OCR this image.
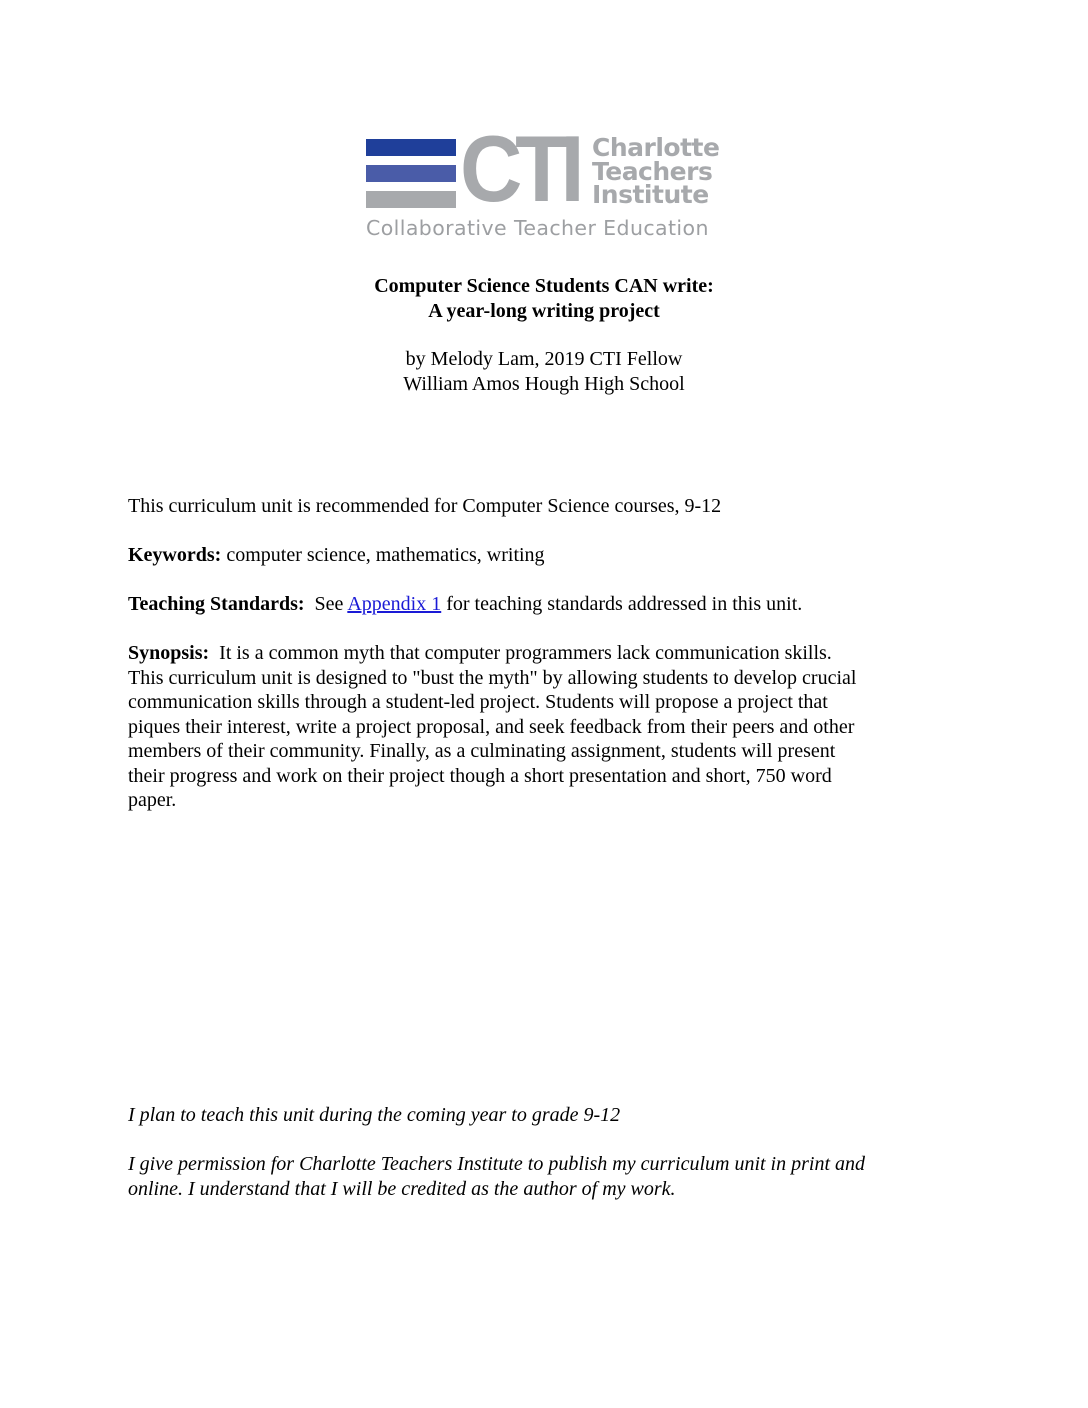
CTI Charlotte
Teachers
Institute
Collaborative Teacher Education
Computer Science Students CAN write:
A year-long writing project
by Melody Lam, 2019 CTI Fellow
William Amos Hough High School

This curriculum unit is recommended for Computer Science courses, 9-12

Keywords: computer science, mathematics, writing

Teaching Standards:  See Appendix 1 for teaching standards addressed in this unit.

Synopsis:  It is a common myth that computer programmers lack communication skills.
This curriculum unit is designed to "bust the myth" by allowing students to develop crucial
communication skills through a student-led project. Students will propose a project that
piques their interest, write a project proposal, and seek feedback from their peers and other
members of their community. Finally, as a culminating assignment, students will present
their progress and work on their project though a short presentation and short, 750 word
paper.

I plan to teach this unit during the coming year to grade 9-12
I give permission for Charlotte Teachers Institute to publish my curriculum unit in print and
online. I understand that I will be credited as the author of my work.
